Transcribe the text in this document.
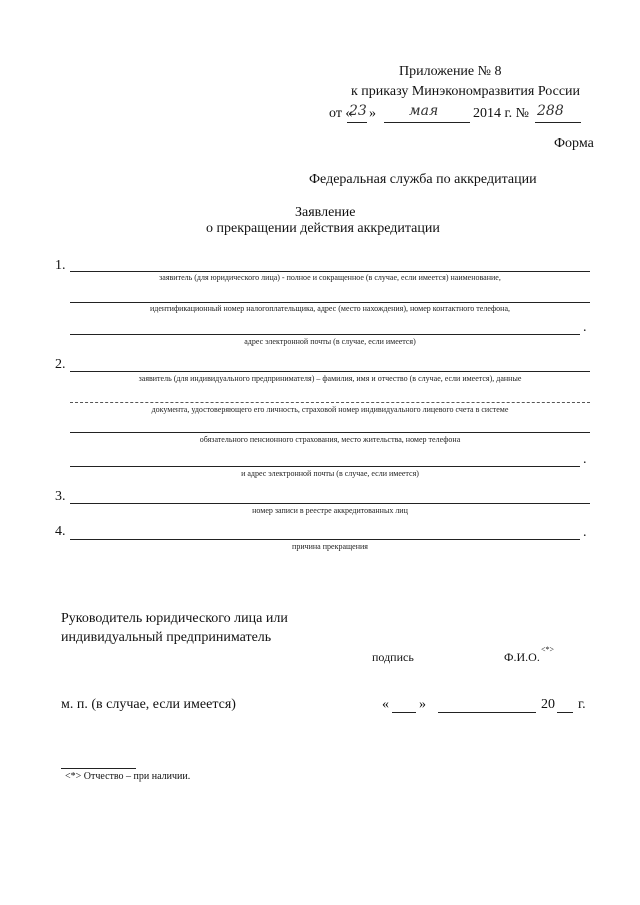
Приложение № 8
к приказу Минэкономразвития России
от «
23 » мая 2014 г. № 288
Форма
Федеральная служба по аккредитации
Заявление
о прекращении действия аккредитации
1.
заявитель (для юридического лица) - полное и сокращенное (в случае, если имеется) наименование,
идентификационный номер налогоплательщика, адрес (место нахождения), номер контактного телефона,
.
адрес электронной почты (в случае, если имеется)
2.
заявитель (для индивидуального предпринимателя) – фамилия, имя и отчество (в случае, если имеется), данные
документа, удостоверяющего его личность, страховой номер индивидуального лицевого счета в системе
обязательного пенсионного страхования, место жительства, номер телефона
.
и адрес электронной почты (в случае, если имеется)
3.
номер записи в реестре аккредитованных лиц
4.	.
причина прекращения
Руководитель юридического лица или
индивидуальный предприниматель
подпись	Ф.И.О.
<*>
м. п. (в случае, если имеется)	« »	20 г.
<*> Отчество – при наличии.
